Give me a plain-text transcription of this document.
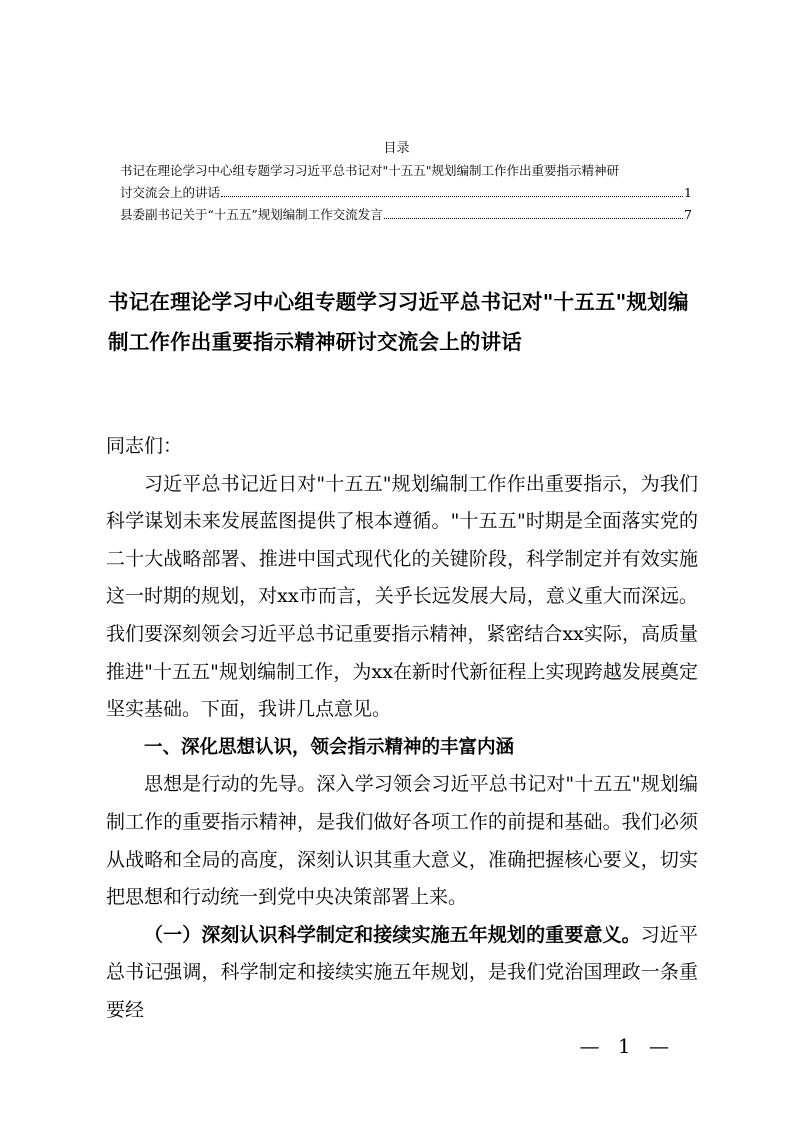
目录
书记在理论学习中心组专题学习习近平总书记对"十五五"规划编制工作作出重要指示精神研
讨交流会上的讲话	1
县委副书记关于“十五五”规划编制工作交流发言	7
书记在理论学习中心组专题学习习近平总书记对"十五五"规划编制工作作出重要指示精神研讨交流会上的讲话

同志们：

习近平总书记近日对"十五五"规划编制工作作出重要指示，为我们科学谋划未来发展蓝图提供了根本遵循。"十五五"时期是全面落实党的二十大战略部署、推进中国式现代化的关键阶段，科学制定并有效实施这一时期的规划，对xx市而言，关乎长远发展大局，意义重大而深远。我们要深刻领会习近平总书记重要指示精神，紧密结合xx实际，高质量推进"十五五"规划编制工作，为xx在新时代新征程上实现跨越发展奠定坚实基础。下面，我讲几点意见。

一、深化思想认识，领会指示精神的丰富内涵

思想是行动的先导。深入学习领会习近平总书记对"十五五"规划编制工作的重要指示精神，是我们做好各项工作的前提和基础。我们必须从战略和全局的高度，深刻认识其重大意义，准确把握核心要义，切实把思想和行动统一到党中央决策部署上来。

（一）深刻认识科学制定和接续实施五年规划的重要意义。习近平总书记强调，科学制定和接续实施五年规划，是我们党治国理政一条重要经

— 1 —
